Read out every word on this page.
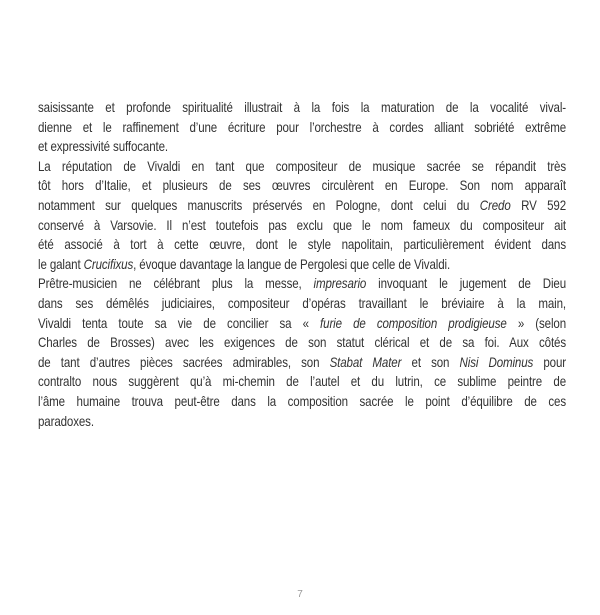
saisissante et profonde spiritualité illustrait à la fois la maturation de la vocalité vival-
dienne et le raffinement d’une écriture pour l’orchestre à cordes alliant sobriété extrême
et expressivité suffocante.
La réputation de Vivaldi en tant que compositeur de musique sacrée se répandit très
tôt hors d’Italie, et plusieurs de ses œuvres circulèrent en Europe. Son nom apparaît
notamment sur quelques manuscrits préservés en Pologne, dont celui du Credo RV 592
conservé à Varsovie. Il n’est toutefois pas exclu que le nom fameux du compositeur ait
été associé à tort à cette œuvre, dont le style napolitain, particulièrement évident dans
le galant Crucifixus, évoque davantage la langue de Pergolesi que celle de Vivaldi.
Prêtre-musicien ne célébrant plus la messe, impresario invoquant le jugement de Dieu
dans ses démêlés judiciaires, compositeur d’opéras travaillant le bréviaire à la main,
Vivaldi tenta toute sa vie de concilier sa « furie de composition prodigieuse » (selon
Charles de Brosses) avec les exigences de son statut clérical et de sa foi. Aux côtés
de tant d’autres pièces sacrées admirables, son Stabat Mater et son Nisi Dominus pour
contralto nous suggèrent qu’à mi-chemin de l’autel et du lutrin, ce sublime peintre de
l’âme humaine trouva peut-être dans la composition sacrée le point d’équilibre de ces
paradoxes.
7
